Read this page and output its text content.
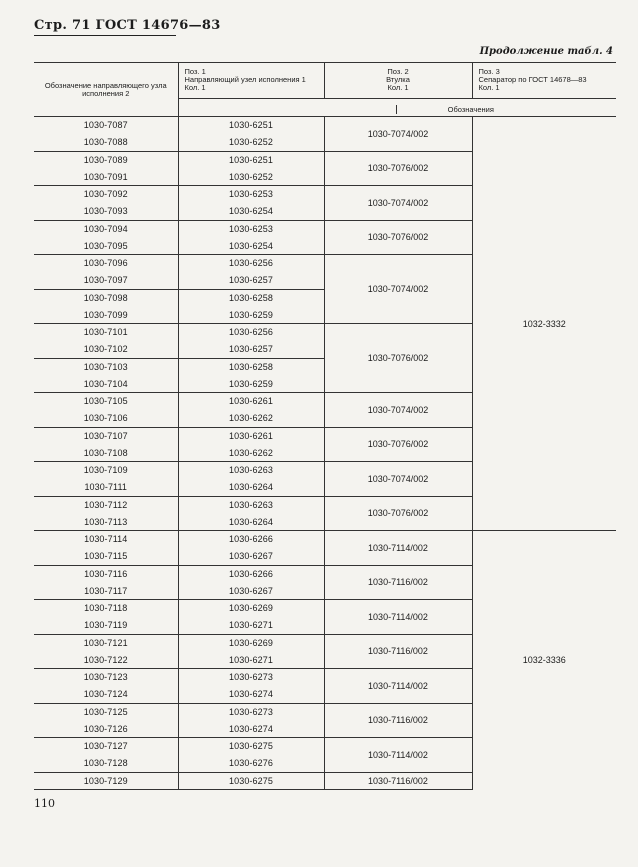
Стр. 71 ГОСТ 14676—83
Продолжение табл. 4
Обозначение направляющего узла исполнения 2	Поз. 1
Направляющий узел исполнения 1
Кол. 1	Поз. 2
Втулка
Кол. 1	Поз. 3
Сепаратор по ГОСТ 14678—83
Кол. 1
	Обозначения		
1030-7087	1030-6251	1030-7074/002	1032-3332
1030-7088	1030-6252		
1030-7089	1030-6251	1030-7076/002	
1030-7091	1030-6252		
1030-7092	1030-6253	1030-7074/002	
1030-7093	1030-6254		
1030-7094	1030-6253	1030-7076/002	
1030-7095	1030-6254		
1030-7096	1030-6256	1030-7074/002	
1030-7097	1030-6257		
1030-7098	1030-6258		
1030-7099	1030-6259		
1030-7101	1030-6256	1030-7076/002	
1030-7102	1030-6257		
1030-7103	1030-6258		
1030-7104	1030-6259		
1030-7105	1030-6261	1030-7074/002	
1030-7106	1030-6262		
1030-7107	1030-6261	1030-7076/002	
1030-7108	1030-6262		
1030-7109	1030-6263	1030-7074/002	
1030-7111	1030-6264		
1030-7112	1030-6263	1030-7076/002	
1030-7113	1030-6264		
1030-7114	1030-6266	1030-7114/002	1032-3336
1030-7115	1030-6267		
1030-7116	1030-6266	1030-7116/002	
1030-7117	1030-6267		
1030-7118	1030-6269	1030-7114/002	
1030-7119	1030-6271		
1030-7121	1030-6269	1030-7116/002	
1030-7122	1030-6271		
1030-7123	1030-6273	1030-7114/002	
1030-7124	1030-6274		
1030-7125	1030-6273	1030-7116/002	
1030-7126	1030-6274		
1030-7127	1030-6275	1030-7114/002	
1030-7128	1030-6276		
1030-7129	1030-6275	1030-7116/002	
110
